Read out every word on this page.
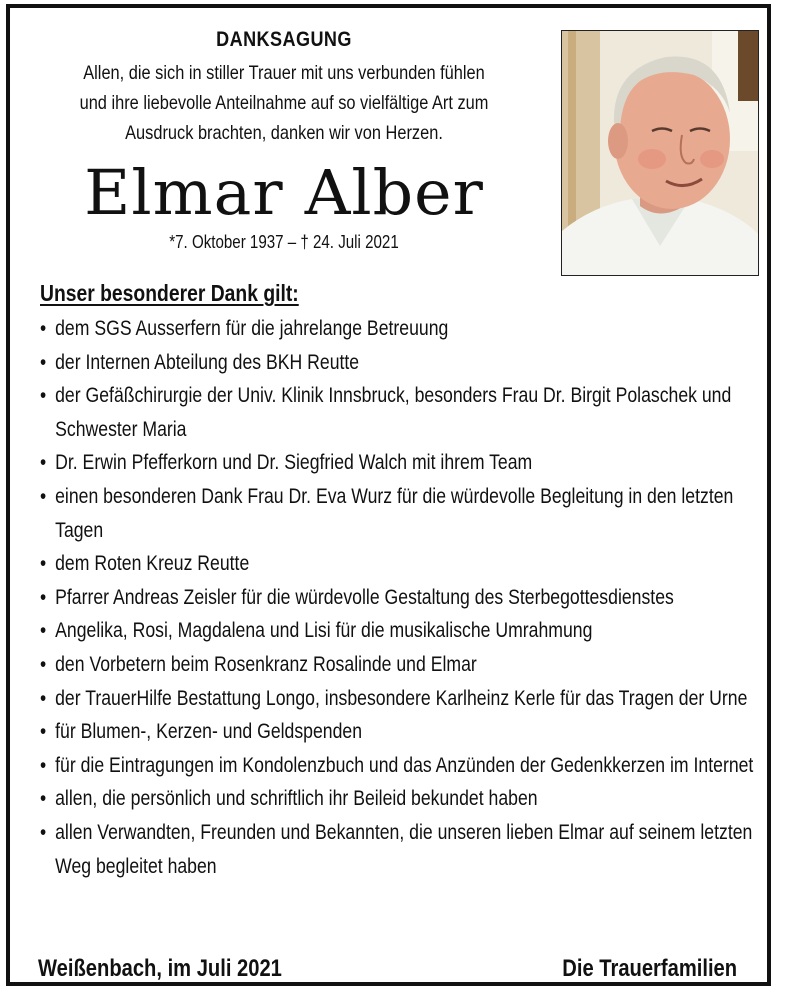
DANKSAGUNG
Allen, die sich in stiller Trauer mit uns verbunden fühlen
und ihre liebevolle Anteilnahme auf so vielfältige Art zum
Ausdruck brachten, danken wir von Herzen.
Elmar Alber
*7. Oktober 1937 – † 24. Juli 2021
Unser besonderer Dank gilt:
• dem SGS Ausserfern für die jahrelange Betreuung
• der Internen Abteilung des BKH Reutte
• der Gefäßchirurgie der Univ. Klinik Innsbruck, besonders Frau Dr. Birgit Polaschek und Schwester Maria
• Dr. Erwin Pfefferkorn und Dr. Siegfried Walch mit ihrem Team
• einen besonderen Dank Frau Dr. Eva Wurz für die würdevolle Begleitung in den letzten Tagen
• dem Roten Kreuz Reutte
• Pfarrer Andreas Zeisler für die würdevolle Gestaltung des Sterbegottesdienstes
• Angelika, Rosi, Magdalena und Lisi für die musikalische Umrahmung
• den Vorbetern beim Rosenkranz Rosalinde und Elmar
• der TrauerHilfe Bestattung Longo, insbesondere Karlheinz Kerle für das Tragen der Urne
• für Blumen-, Kerzen- und Geldspenden
• für die Eintragungen im Kondolenzbuch und das Anzünden der Gedenkkerzen im Internet
• allen, die persönlich und schriftlich ihr Beileid bekundet haben
• allen Verwandten, Freunden und Bekannten, die unseren lieben Elmar auf seinem letzten Weg begleitet haben
Weißenbach, im Juli 2021	Die Trauerfamilien
